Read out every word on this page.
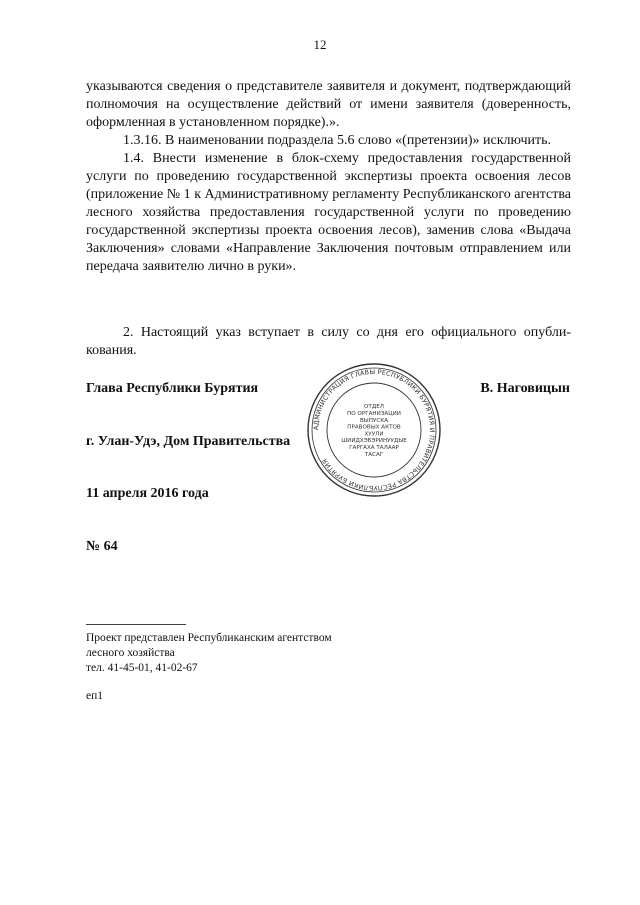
12

указываются сведения о представителе заявителя и документ, подтверждающий полномочия на осуществление действий от имени заявителя (доверенность, оформленная в установленном порядке).».

1.3.16. В наименовании подраздела 5.6 слово «(претензии)» исключить.

1.4. Внести изменение в блок-схему предоставления государственной услуги по проведению государственной экспертизы проекта освоения лесов (приложение № 1 к Административному регламенту Республиканского агентства лесного хозяйства предоставления государственной услуги по проведению государственной экспертизы проекта освоения лесов), заменив слова «Выдача Заключения» словами «Направление Заключения почтовым отправлением или передача заявителю лично в руки».

2. Настоящий указ вступает в силу со дня его официального опубли-кования.

Глава Республики Бурятия	В. Наговицын
г. Улан-Удэ, Дом Правительства
11 апреля 2016 года
№ 64
АДМИНИСТРАЦИЯ ГЛАВЫ РЕСПУБЛИКИ БУРЯТИЯ И ПРАВИТЕЛЬСТВА РЕСПУБЛИКИ БУРЯТИЯ
ОТДЕЛ
ПО ОРГАНИЗАЦИИ
ВЫПУСКА
ПРАВОВЫХ АКТОВ
ХУУЛИ
ШИИДХЭБЭРИНУУДЫЕ
ГАРГАХА ТАЛААР
ТАСАГ
Проект представлен Республиканским агентством
лесного хозяйства
тел. 41-45-01, 41-02-67
еп1
